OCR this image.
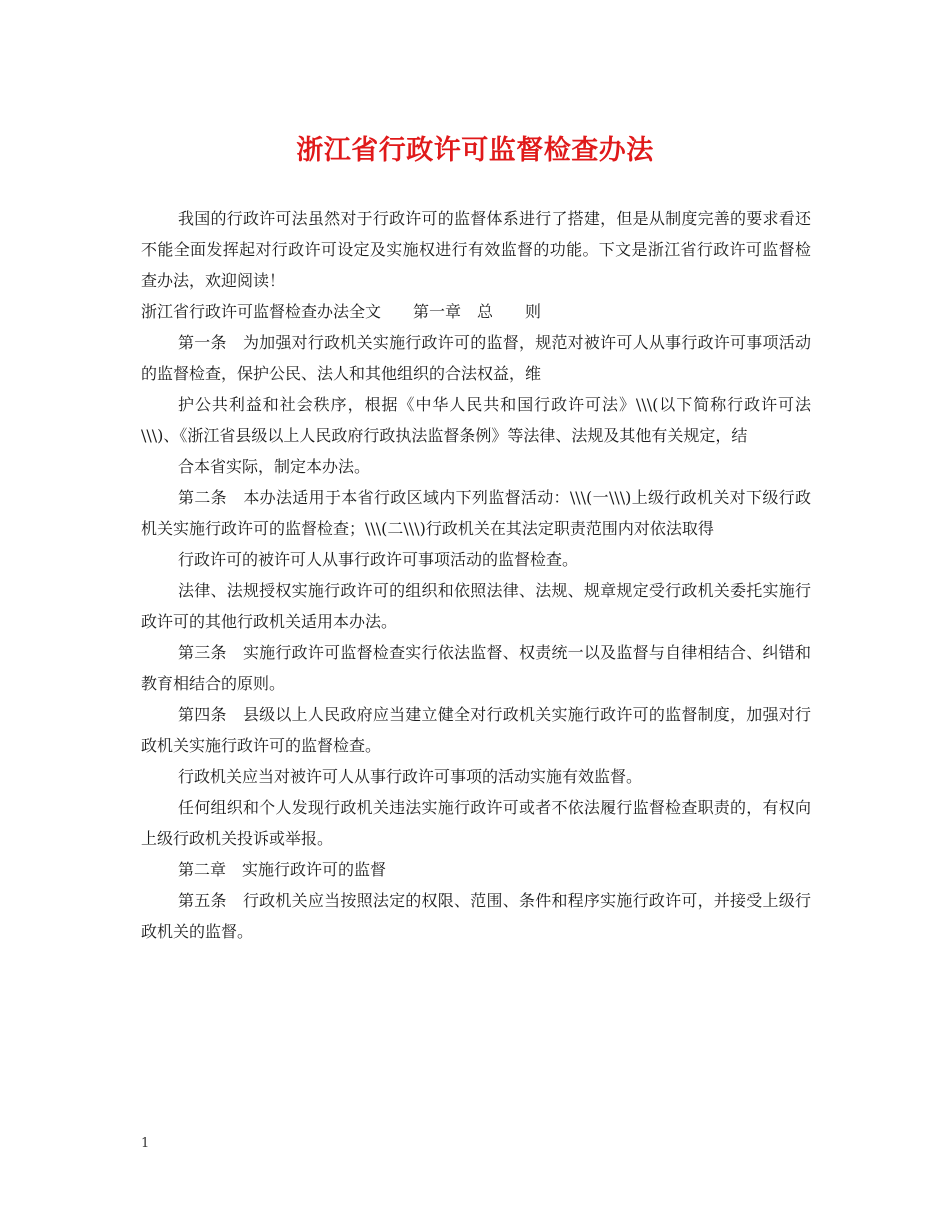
浙江省行政许可监督检查办法

我国的行政许可法虽然对于行政许可的监督体系进行了搭建，但是从制度完善的要求看还不能全面发挥起对行政许可设定及实施权进行有效监督的功能。下文是浙江省行政许可监督检查办法，欢迎阅读！

浙江省行政许可监督检查办法全文　　第一章　总　　则

第一条　为加强对行政机关实施行政许可的监督，规范对被许可人从事行政许可事项活动的监督检查，保护公民、法人和其他组织的合法权益，维

护公共利益和社会秩序，根据《中华人民共和国行政许可法》\\\(以下简称行政许可法\\\)、《浙江省县级以上人民政府行政执法监督条例》等法律、法规及其他有关规定，结

合本省实际，制定本办法。

第二条　本办法适用于本省行政区域内下列监督活动：\\\(一\\\)上级行政机关对下级行政机关实施行政许可的监督检查；\\\(二\\\)行政机关在其法定职责范围内对依法取得

行政许可的被许可人从事行政许可事项活动的监督检查。

法律、法规授权实施行政许可的组织和依照法律、法规、规章规定受行政机关委托实施行政许可的其他行政机关适用本办法。

第三条　实施行政许可监督检查实行依法监督、权责统一以及监督与自律相结合、纠错和教育相结合的原则。

第四条　县级以上人民政府应当建立健全对行政机关实施行政许可的监督制度，加强对行政机关实施行政许可的监督检查。

行政机关应当对被许可人从事行政许可事项的活动实施有效监督。

任何组织和个人发现行政机关违法实施行政许可或者不依法履行监督检查职责的，有权向上级行政机关投诉或举报。

第二章　实施行政许可的监督

第五条　行政机关应当按照法定的权限、范围、条件和程序实施行政许可，并接受上级行政机关的监督。

1
